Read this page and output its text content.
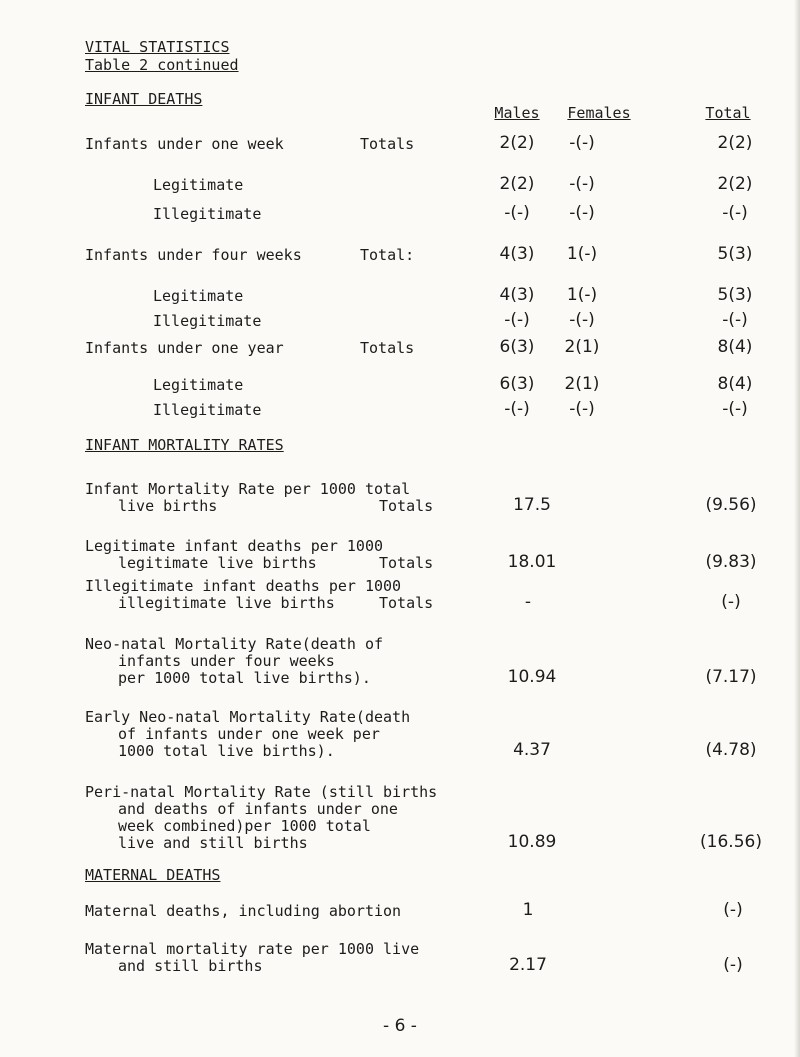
VITAL STATISTICS
Table 2 continued
INFANT DEATHS
Males Females	Total
Infants under one week	Totals	2(2) -(-)	2(2)
Legitimate	2(2) -(-)	2(2)
Illegitimate	-(-) -(-)	-(-)
Infants under four weeks	Total:	4(3) 1(-)	5(3)
Legitimate	4(3) 1(-)	5(3)
Illegitimate	-(-) -(-)	-(-)
Infants under one year	Totals	6(3) 2(1)	8(4)
Legitimate	6(3) 2(1)	8(4)
Illegitimate	-(-) -(-)	-(-)
INFANT MORTALITY RATES
Infant Mortality Rate per 1000 total
live births	Totals	17.5	(9.56)
Legitimate infant deaths per 1000
legitimate live births	Totals	18.01	(9.83)
Illegitimate infant deaths per 1000
illegitimate live births	Totals	-	(-)
Neo-natal Mortality Rate(death of
infants under four weeks
per 1000 total live births).	10.94	(7.17)
Early Neo-natal Mortality Rate(death
of infants under one week per
1000 total live births).	4.37	(4.78)
Peri-natal Mortality Rate (still births
and deaths of infants under one
week combined)per 1000 total
live and still births	10.89	(16.56)
MATERNAL DEATHS
Maternal deaths, including abortion	1	(-)
Maternal mortality rate per 1000 live
and still births	2.17	(-)
- 6 -
